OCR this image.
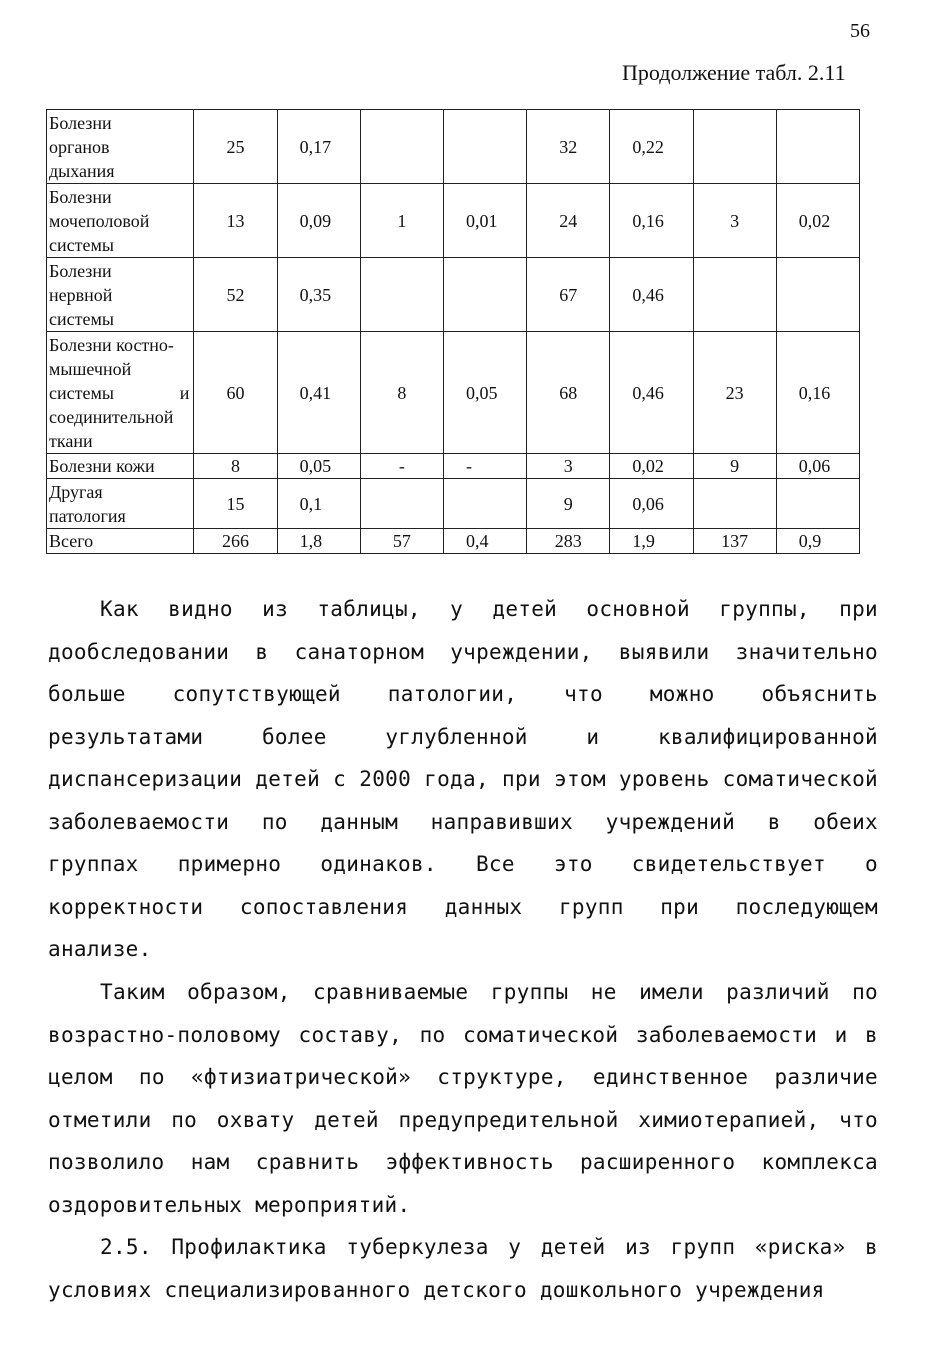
56
Продолжение табл. 2.11
Болезни
органов
дыхания	25	0,17			32	0,22		

Болезни
мочеполовой
системы	13	0,09	1	0,01	24	0,16	3	0,02

Болезни
нервной
системы	52	0,35			67	0,46		

Болезни костно-
мышечной
системы и
соединительной
ткани	60	0,41	8	0,05	68	0,46	23	0,16

Болезни кожи	8	0,05	-	-	3	0,02	9	0,06

Другая
патология	15	0,1			9	0,06		

Всего	266	1,8	57	0,4	283	1,9	137	0,9
Как видно из таблицы, у детей основной группы, при
дообследовании в санаторном учреждении, выявили значительно
больше сопутствующей патологии, что можно объяснить
результатами более углубленной и квалифицированной
диспансеризации детей с 2000 года, при этом уровень соматической
заболеваемости по данным направивших учреждений в обеих
группах примерно одинаков. Все это свидетельствует о
корректности сопоставления данных групп при последующем
анализе.
Таким образом, сравниваемые группы не имели различий по
возрастно-половому составу, по соматической заболеваемости и в
целом по «фтизиатрической» структуре, единственное различие
отметили по охвату детей предупредительной химиотерапией, что
позволило нам сравнить эффективность расширенного комплекса
оздоровительных мероприятий.
2.5. Профилактика туберкулеза у детей из групп «риска» в
условиях специализированного детского дошкольного учреждения
